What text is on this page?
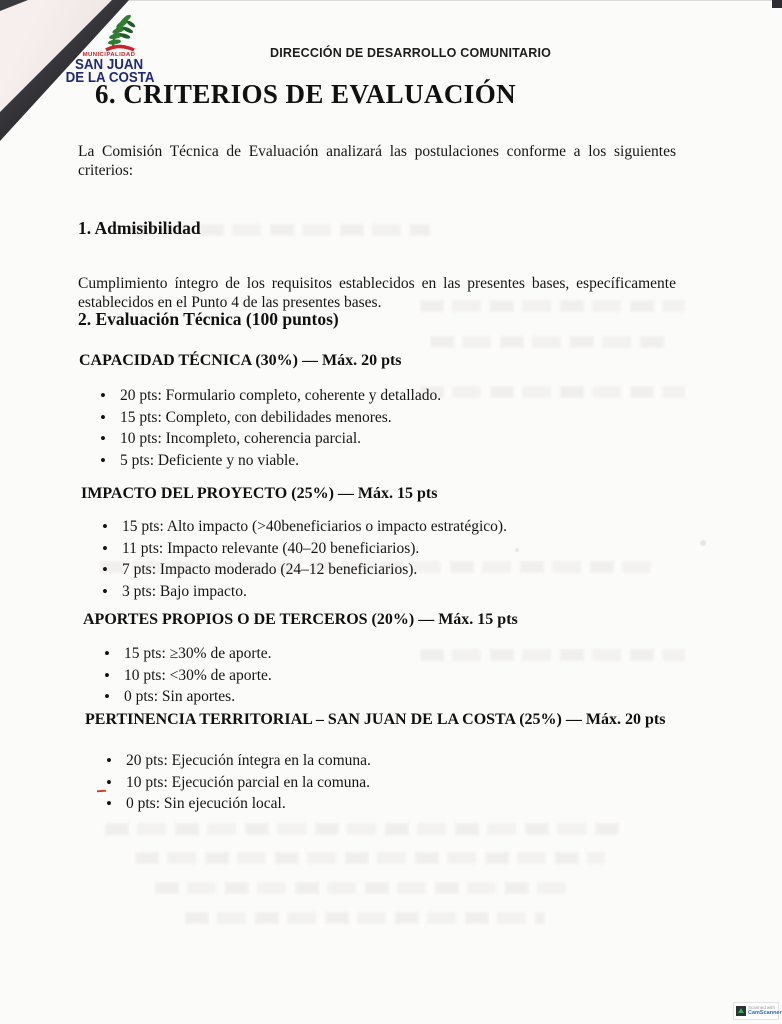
MUNICIPALIDAD
SAN JUAN
DE LA COSTA
DIRECCIÓN DE DESARROLLO COMUNITARIO
6. CRITERIOS DE EVALUACIÓN

La Comisión Técnica de Evaluación analizará las postulaciones conforme a los siguientes criterios:

1. Admisibilidad

Cumplimiento íntegro de los requisitos establecidos en las presentes bases, específicamente establecidos en el Punto 4 de las presentes bases.

2. Evaluación Técnica (100 puntos)
CAPACIDAD TÉCNICA (30%) — Máx. 20 pts
•
20 pts: Formulario completo, coherente y detallado.
•
15 pts: Completo, con debilidades menores.
•
10 pts: Incompleto, coherencia parcial.
•
5 pts: Deficiente y no viable.
IMPACTO DEL PROYECTO (25%) — Máx. 15 pts
•
15 pts: Alto impacto (>40beneficiarios o impacto estratégico).
•
11 pts: Impacto relevante (40–20 beneficiarios).
•
7 pts: Impacto moderado (24–12 beneficiarios).
•
3 pts: Bajo impacto.
APORTES PROPIOS O DE TERCEROS (20%) — Máx. 15 pts
•
15 pts: ≥30% de aporte.
•
10 pts: <30% de aporte.
•
0 pts: Sin aportes.
PERTINENCIA TERRITORIAL – SAN JUAN DE LA COSTA (25%) — Máx. 20 pts
•
20 pts: Ejecución íntegra en la comuna.
•
10 pts: Ejecución parcial en la comuna.
•
0 pts: Sin ejecución local.
Scanned with
CamScanner
